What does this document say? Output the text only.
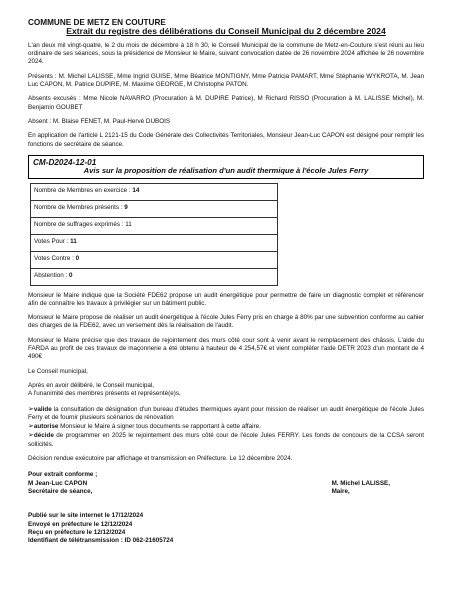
COMMUNE DE METZ EN COUTURE
Extrait du registre des délibérations du Conseil Municipal du 2 décembre 2024

L'an deux mil vingt-quatre, le 2 du mois de décembre à 18 h 30, le Conseil Municipal de la commune de Metz-en-Couture s'est réuni au lieu ordinaire de ses séances, sous la présidence de Monsieur le Maire, suivant convocation datée de 26 novembre 2024 affichée le 26 novembre 2024.

Présents : M. Michel LALISSE, Mme Ingrid GUISE, Mme Béatrice MONTIGNY, Mme Patricia PAMART, Mme Stéphanie WYKROTA, M. Jean Luc CAPON, M. Patrice DUPIRE, M. Maxime GEORGE, M Christophe PATON.

Absents excusés : Mme Nicole NAVARRO (Procuration à M. DUPIRE Patrice), M Richard RISSO (Procuration à M. LALISSE Michel), M. Benjamin GOUBET

Absent : M. Blaise FENET, M. Paul-Hervé DUBOIS

En application de l'article L 2121-15 du Code Générale des Collectivités Territoriales, Monsieur Jean-Luc CAPON est désigné pour remplir les fonctions de secrétaire de séance.

CM-D2024-12-01
Avis sur la proposition de réalisation d'un audit thermique à l'école Jules Ferry
Nombre de Membres en exercice : 14
Nombre de Membres présents : 9
Nombre de suffrages exprimés : 11
Votes Pour : 11
Votes Contre : 0
Abstention : 0

Monsieur le Maire indique que la Société FDE62 propose un audit énergétique pour permettre de faire un diagnostic complet et référencer afin de connaître les travaux à privilégier sur un bâtiment public.

Monsieur le Maire propose de réaliser un audit énergétique à l'école Jules Ferry pris en charge à 80% par une subvention conforme au cahier des charges de la FDE62, avec un versement dès la réalisation de l'audit.

Monsieur le Maire précise que des travaux de rejointement des murs côté cour sont à venir avant le remplacement des châssis. L'aide du FARDA au profit de ces travaux de maçonnerie a été obtenu à hauteur de 4 254,57€ et vient compléter l'aide DETR 2023 d'un montant de 4 490€

Le Conseil municipal,

Après en avoir délibéré, le Conseil municipal,

A l'unanimité des membres présents et représenté(e)s,

➢valide la consultation de désignation d'un bureau d'études thermiques ayant pour mission de réaliser un audit énergétique de l'école Jules Ferry et de fournir plusieurs scénarios de rénovation

➢autorise Monsieur le Maire à signer tous documents se rapportant à cette affaire.

➢décide de programmer en 2025 le rejointement des murs côté cour de l'école Jules FERRY. Les fonds de concours de la CCSA seront sollicités.

Décision rendue exécutoire par affichage et transmission en Préfecture. Le 12 décembre 2024.

Pour extrait conforme ;
M Jean-Luc CAPON
Secrétaire de séance,
M. Michel LALISSE,
Maire,
Publié sur le site internet le 17/12/2024
Envoyé en préfecture le 12/12/2024
Reçu en préfecture le 12/12/2024
Identifiant de télétransmission : ID 062-21605724
